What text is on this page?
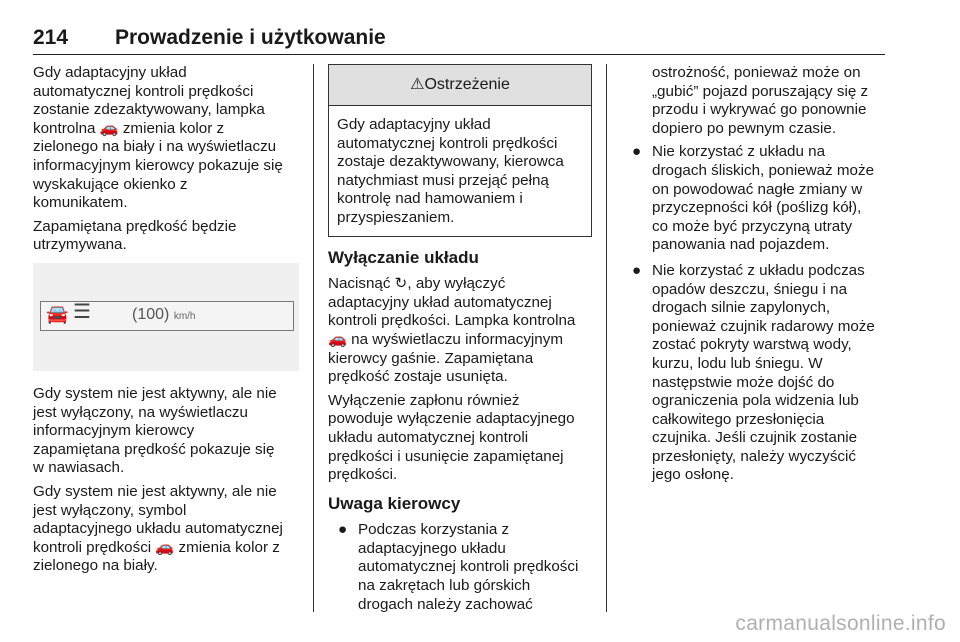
214 Prowadzenie i użytkowanie

Gdy adaptacyjny układ
automatycznej kontroli prędkości
zostanie zdezaktywowany, lampka
kontrolna 🚗 zmienia kolor z
zielonego na biały i na wyświetlaczu
informacyjnym kierowcy pokazuje się
wyskakujące okienko z
komunikatem.

Zapamiętana prędkość będzie
utrzymywana.

🚘 ☰	(100) km/h

Gdy system nie jest aktywny, ale nie
jest wyłączony, na wyświetlaczu
informacyjnym kierowcy
zapamiętana prędkość pokazuje się
w nawiasach.

Gdy system nie jest aktywny, ale nie
jest wyłączony, symbol
adaptacyjnego układu automatycznej
kontroli prędkości 🚗 zmienia kolor z
zielonego na biały.

⚠Ostrzeżenie
Gdy adaptacyjny układ
automatycznej kontroli prędkości
zostaje dezaktywowany, kierowca
natychmiast musi przejąć pełną
kontrolę nad hamowaniem i
przyspieszaniem.
Wyłączanie układu

Nacisnąć ↻, aby wyłączyć
adaptacyjny układ automatycznej
kontroli prędkości. Lampka kontrolna
🚗 na wyświetlaczu informacyjnym
kierowcy gaśnie. Zapamiętana
prędkość zostaje usunięta.

Wyłączenie zapłonu również
powoduje wyłączenie adaptacyjnego
układu automatycznej kontroli
prędkości i usunięcie zapamiętanej
prędkości.

Uwaga kierowcy
● Podczas korzystania z
adaptacyjnego układu
automatycznej kontroli prędkości
na zakrętach lub górskich
drogach należy zachować

ostrożność, ponieważ może on
„gubić” pojazd poruszający się z
przodu i wykrywać go ponownie
dopiero po pewnym czasie.

● Nie korzystać z układu na
drogach śliskich, ponieważ może
on powodować nagłe zmiany w
przyczepności kół (poślizg kół),
co może być przyczyną utraty
panowania nad pojazdem.
● Nie korzystać z układu podczas
opadów deszczu, śniegu i na
drogach silnie zapylonych,
ponieważ czujnik radarowy może
zostać pokryty warstwą wody,
kurzu, lodu lub śniegu. W
następstwie może dojść do
ograniczenia pola widzenia lub
całkowitego przesłonięcia
czujnika. Jeśli czujnik zostanie
przesłonięty, należy wyczyścić
jego osłonę.
carmanualsonline.info
